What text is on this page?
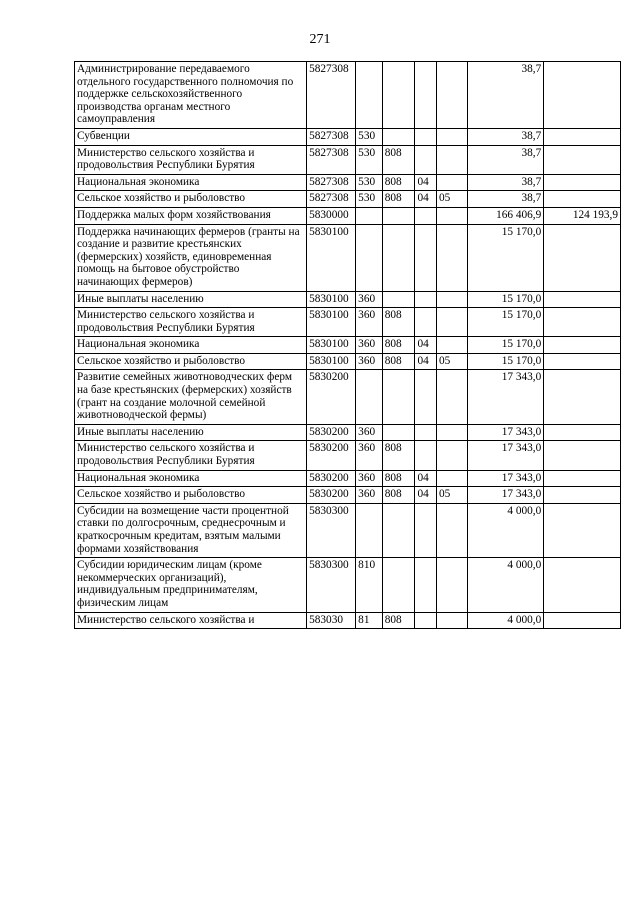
271
Администрирование передаваемого отдельного государственного полномочия по поддержке сельскохозяйственного производства органам местного самоуправления	5827308					38,7	
Субвенции	5827308	530				38,7	
Министерство сельского хозяйства и продовольствия Республики Бурятия	5827308	530	808			38,7	
Национальная экономика	5827308	530	808	04		38,7	
Сельское хозяйство и рыболовство	5827308	530	808	04	05	38,7	
Поддержка малых форм хозяйствования	5830000					166 406,9	124 193,9
Поддержка начинающих фермеров (гранты на создание и развитие крестьянских (фермерских) хозяйств, единовременная помощь на бытовое обустройство начинающих фермеров)	5830100					15 170,0	
Иные выплаты населению	5830100	360				15 170,0	
Министерство сельского хозяйства и продовольствия Республики Бурятия	5830100	360	808			15 170,0	
Национальная экономика	5830100	360	808	04		15 170,0	
Сельское хозяйство и рыболовство	5830100	360	808	04	05	15 170,0	
Развитие семейных животноводческих ферм на базе крестьянских (фермерских) хозяйств (грант на создание молочной семейной животноводческой фермы)	5830200					17 343,0	
Иные выплаты населению	5830200	360				17 343,0	
Министерство сельского хозяйства и продовольствия Республики Бурятия	5830200	360	808			17 343,0	
Национальная экономика	5830200	360	808	04		17 343,0	
Сельское хозяйство и рыболовство	5830200	360	808	04	05	17 343,0	
Субсидии на возмещение части процентной ставки по долгосрочным, среднесрочным и краткосрочным кредитам, взятым малыми формами хозяйствования	5830300					4 000,0	
Субсидии юридическим лицам (кроме некоммерческих организаций), индивидуальным предпринимателям, физическим лицам	5830300	810				4 000,0	
Министерство сельского хозяйства и	583030	81	808			4 000,0	
